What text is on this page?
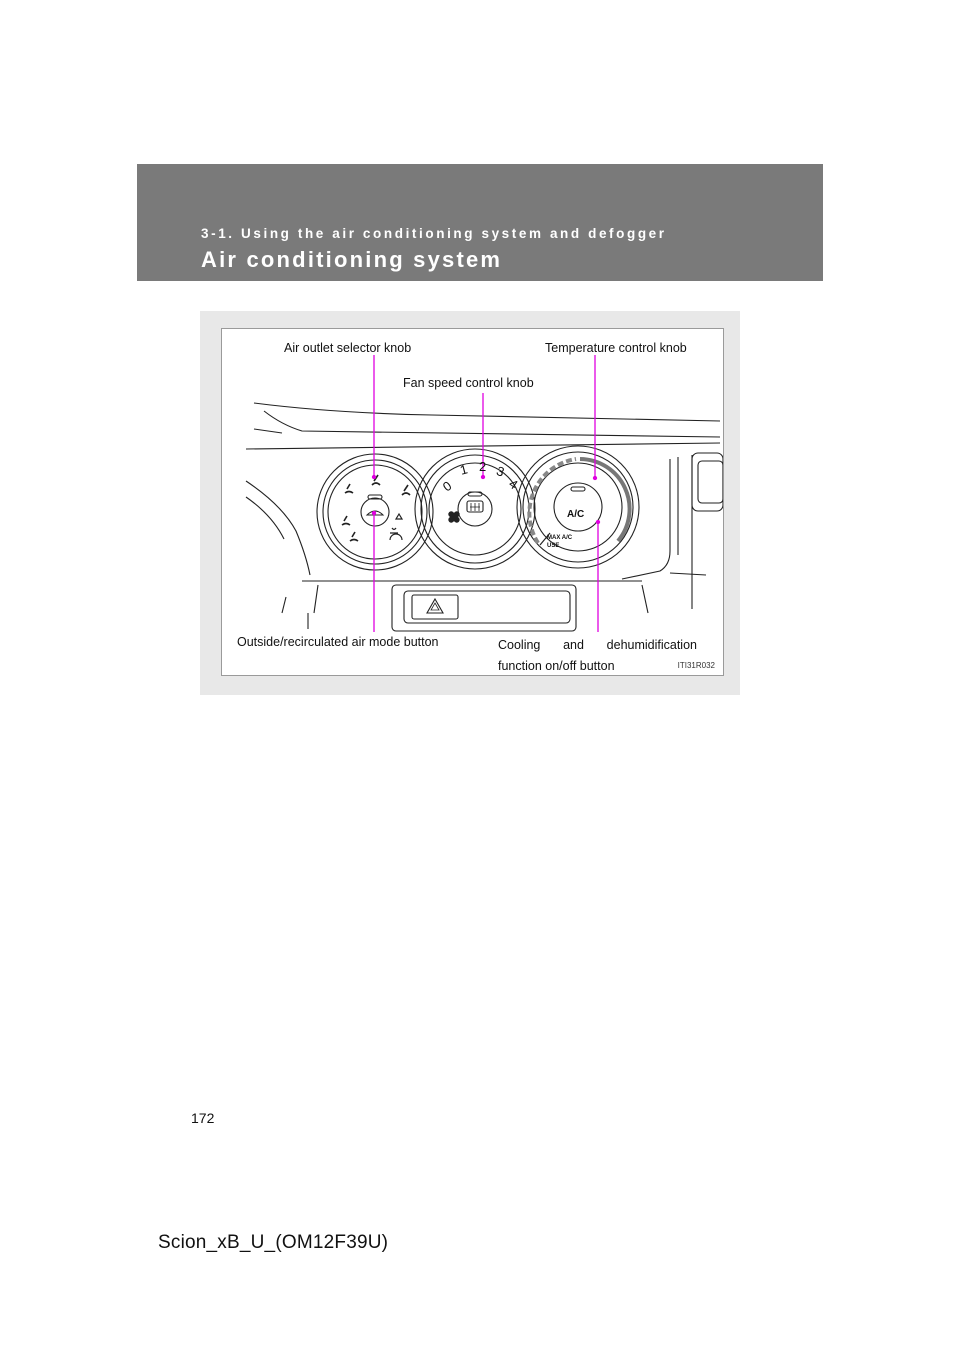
3-1. Using the air conditioning system and defogger
Air conditioning system
0
1 2 3
4
A/C
MAX A/C
USE
Air outlet selector knob	Temperature control knob
Fan speed control knob
Outside/recirculated air mode button	Cooling and dehumidification
function on/off button	ITI31R032
172
Scion_xB_U_(OM12F39U)
